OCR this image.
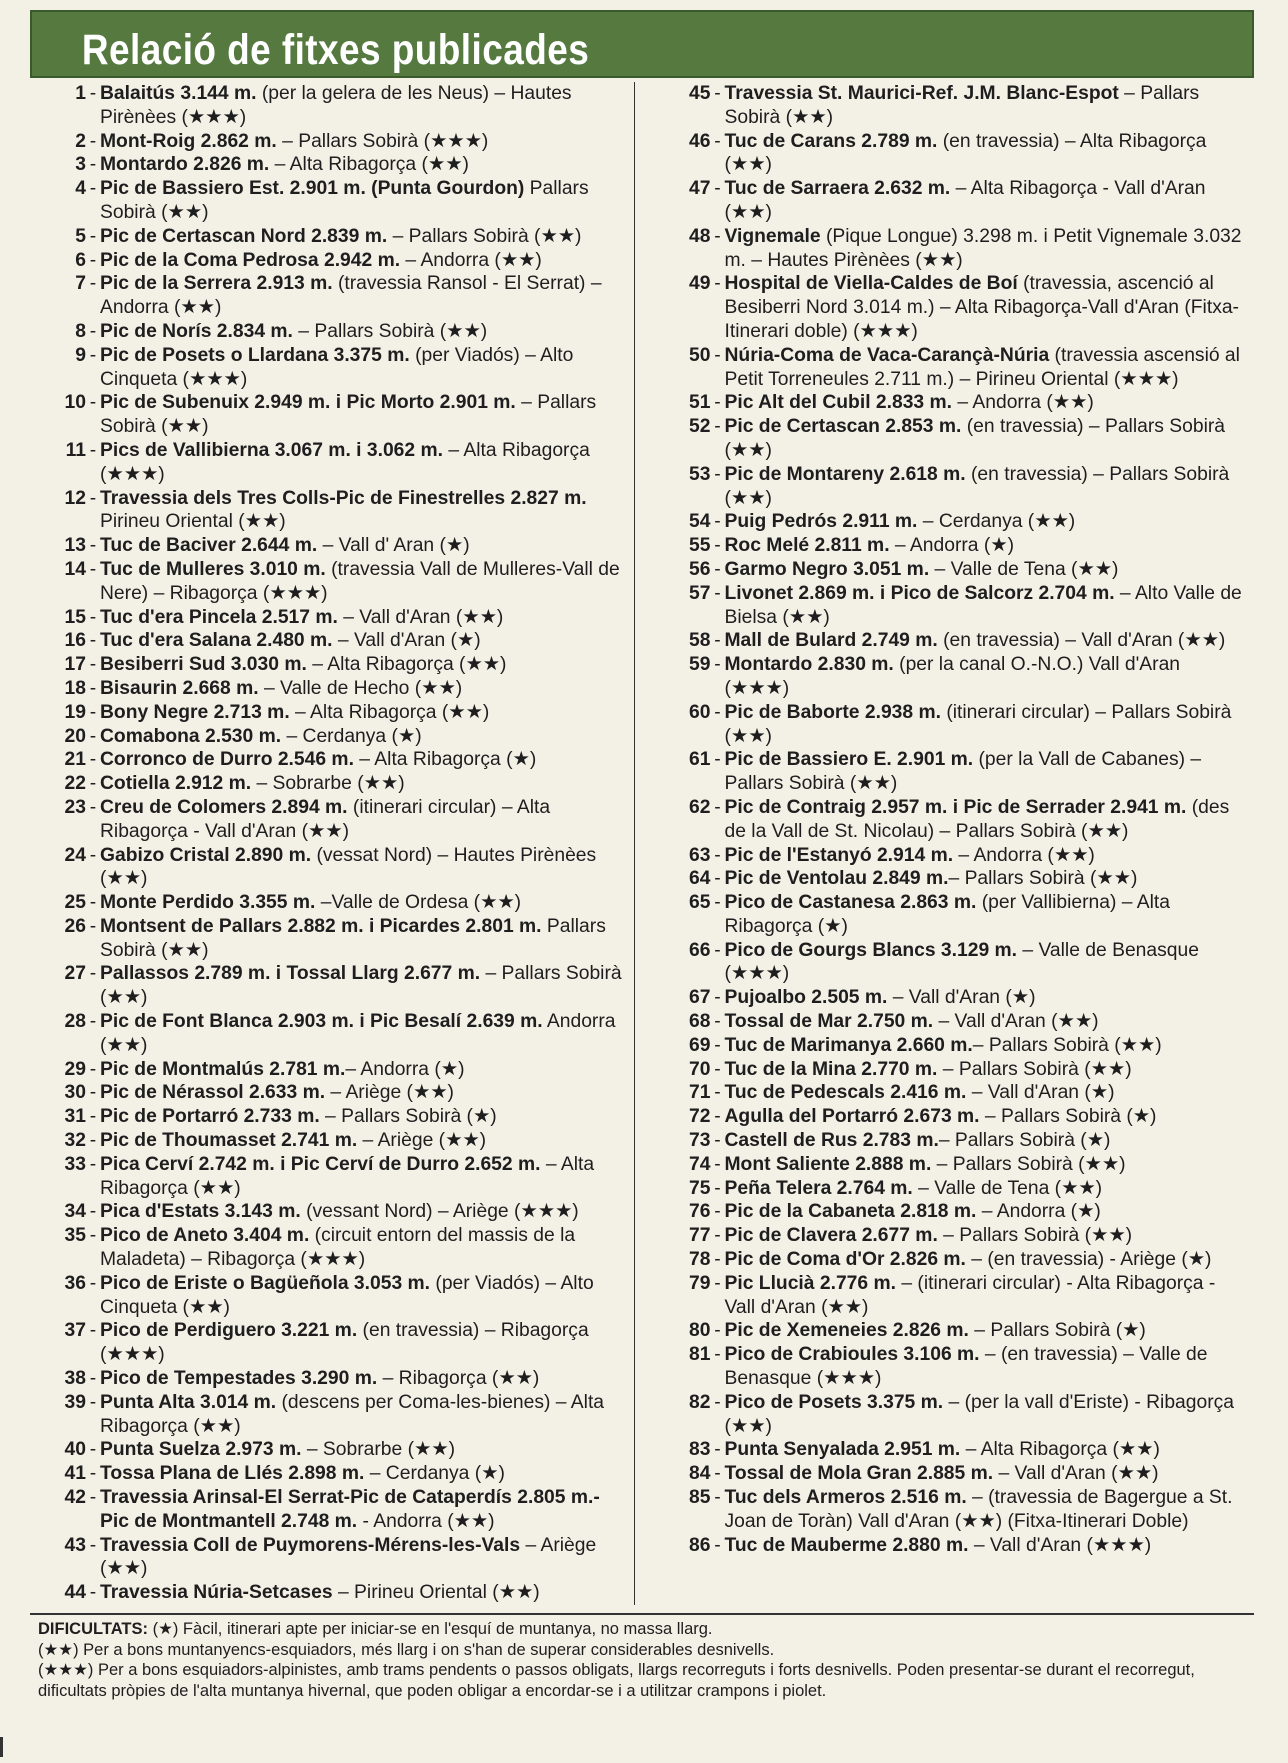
Relació de fitxes publicades
1 - Balaitús 3.144 m. (per la gelera de les Neus) – Hautes Pirènèes (★★★)
2 - Mont-Roig 2.862 m. – Pallars Sobirà (★★★)
3 - Montardo 2.826 m. – Alta Ribagorça (★★)
4 - Pic de Bassiero Est. 2.901 m. (Punta Gourdon) Pallars Sobirà (★★)
5 - Pic de Certascan Nord 2.839 m. – Pallars Sobirà (★★)
6 - Pic de la Coma Pedrosa 2.942 m. – Andorra (★★)
7 - Pic de la Serrera 2.913 m. (travessia Ransol - El Serrat) – Andorra (★★)
8 - Pic de Norís 2.834 m. – Pallars Sobirà (★★)
9 - Pic de Posets o Llardana 3.375 m. (per Viadós) – Alto Cinqueta (★★★)
10 - Pic de Subenuix 2.949 m. i Pic Morto 2.901 m. – Pallars Sobirà (★★)
11 - Pics de Vallibierna 3.067 m. i 3.062 m. – Alta Ribagorça (★★★)
12 - Travessia dels Tres Colls-Pic de Finestrelles 2.827 m. Pirineu Oriental (★★)
13 - Tuc de Baciver 2.644 m. – Vall d' Aran (★)
14 - Tuc de Mulleres 3.010 m. (travessia Vall de Mulleres-Vall de Nere) – Ribagorça (★★★)
15 - Tuc d'era Pincela 2.517 m. – Vall d'Aran (★★)
16 - Tuc d'era Salana 2.480 m. – Vall d'Aran (★)
17 - Besiberri Sud 3.030 m. – Alta Ribagorça (★★)
18 - Bisaurin 2.668 m. – Valle de Hecho (★★)
19 - Bony Negre 2.713 m. – Alta Ribagorça (★★)
20 - Comabona 2.530 m. – Cerdanya (★)
21 - Corronco de Durro 2.546 m. – Alta Ribagorça (★)
22 - Cotiella 2.912 m. – Sobrarbe (★★)
23 - Creu de Colomers 2.894 m. (itinerari circular) – Alta Ribagorça - Vall d'Aran (★★)
24 - Gabizo Cristal 2.890 m. (vessat Nord) – Hautes Pirènèes (★★)
25 - Monte Perdido 3.355 m. –Valle de Ordesa (★★)
26 - Montsent de Pallars 2.882 m. i Picardes 2.801 m. Pallars Sobirà (★★)
27 - Pallassos 2.789 m. i Tossal Llarg 2.677 m. – Pallars Sobirà (★★)
28 - Pic de Font Blanca 2.903 m. i Pic Besalí 2.639 m. Andorra (★★)
29 - Pic de Montmalús 2.781 m.– Andorra (★)
30 - Pic de Nérassol 2.633 m. – Ariège (★★)
31 - Pic de Portarró 2.733 m. – Pallars Sobirà (★)
32 - Pic de Thoumasset 2.741 m. – Ariège (★★)
33 - Pica Cerví 2.742 m. i Pic Cerví de Durro 2.652 m. – Alta Ribagorça (★★)
34 - Pica d'Estats 3.143 m. (vessant Nord) – Ariège (★★★)
35 - Pico de Aneto 3.404 m. (circuit entorn del massis de la Maladeta) – Ribagorça (★★★)
36 - Pico de Eriste o Bagüeñola 3.053 m. (per Viadós) – Alto Cinqueta (★★)
37 - Pico de Perdiguero 3.221 m. (en travessia) – Ribagorça (★★★)
38 - Pico de Tempestades 3.290 m. – Ribagorça (★★)
39 - Punta Alta 3.014 m. (descens per Coma-les-bienes) – Alta Ribagorça (★★)
40 - Punta Suelza 2.973 m. – Sobrarbe (★★)
41 - Tossa Plana de Llés 2.898 m. – Cerdanya (★)
42 - Travessia Arinsal-El Serrat-Pic de Cataperdís 2.805 m.-Pic de Montmantell 2.748 m. - Andorra (★★)
43 - Travessia Coll de Puymorens-Mérens-les-Vals – Ariège (★★)
44 - Travessia Núria-Setcases – Pirineu Oriental (★★)
45 - Travessia St. Maurici-Ref. J.M. Blanc-Espot – Pallars Sobirà (★★)
46 - Tuc de Carans 2.789 m. (en travessia) – Alta Ribagorça (★★)
47 - Tuc de Sarraera 2.632 m. – Alta Ribagorça - Vall d'Aran (★★)
48 - Vignemale (Pique Longue) 3.298 m. i Petit Vignemale 3.032 m. – Hautes Pirènèes (★★)
49 - Hospital de Viella-Caldes de Boí (travessia, ascenció al Besiberri Nord 3.014 m.) – Alta Ribagorça-Vall d'Aran (Fitxa-Itinerari doble) (★★★)
50 - Núria-Coma de Vaca-Carançà-Núria (travessia ascensió al Petit Torreneules 2.711 m.) – Pirineu Oriental (★★★)
51 - Pic Alt del Cubil 2.833 m. – Andorra (★★)
52 - Pic de Certascan 2.853 m. (en travessia) – Pallars Sobirà (★★)
53 - Pic de Montareny 2.618 m. (en travessia) – Pallars Sobirà (★★)
54 - Puig Pedrós 2.911 m. – Cerdanya (★★)
55 - Roc Melé 2.811 m. – Andorra (★)
56 - Garmo Negro 3.051 m. – Valle de Tena (★★)
57 - Livonet 2.869 m. i Pico de Salcorz 2.704 m. – Alto Valle de Bielsa (★★)
58 - Mall de Bulard 2.749 m. (en travessia) – Vall d'Aran (★★)
59 - Montardo 2.830 m. (per la canal O.-N.O.) Vall d'Aran (★★★)
60 - Pic de Baborte 2.938 m. (itinerari circular) – Pallars Sobirà (★★)
61 - Pic de Bassiero E. 2.901 m. (per la Vall de Cabanes) – Pallars Sobirà (★★)
62 - Pic de Contraig 2.957 m. i Pic de Serrader 2.941 m. (des de la Vall de St. Nicolau) – Pallars Sobirà (★★)
63 - Pic de l'Estanyó 2.914 m. – Andorra (★★)
64 - Pic de Ventolau 2.849 m.– Pallars Sobirà (★★)
65 - Pico de Castanesa 2.863 m. (per Vallibierna) – Alta Ribagorça (★)
66 - Pico de Gourgs Blancs 3.129 m. – Valle de Benasque (★★★)
67 - Pujoalbo 2.505 m. – Vall d'Aran (★)
68 - Tossal de Mar 2.750 m. – Vall d'Aran (★★)
69 - Tuc de Marimanya 2.660 m.– Pallars Sobirà (★★)
70 - Tuc de la Mina 2.770 m. – Pallars Sobirà (★★)
71 - Tuc de Pedescals 2.416 m. – Vall d'Aran (★)
72 - Agulla del Portarró 2.673 m. – Pallars Sobirà (★)
73 - Castell de Rus 2.783 m.– Pallars Sobirà (★)
74 - Mont Saliente 2.888 m. – Pallars Sobirà (★★)
75 - Peña Telera 2.764 m. – Valle de Tena (★★)
76 - Pic de la Cabaneta 2.818 m. – Andorra (★)
77 - Pic de Clavera 2.677 m. – Pallars Sobirà (★★)
78 - Pic de Coma d'Or 2.826 m. – (en travessia) - Ariège (★)
79 - Pic Llucià 2.776 m. – (itinerari circular) - Alta Ribagorça - Vall d'Aran (★★)
80 - Pic de Xemeneies 2.826 m. – Pallars Sobirà (★)
81 - Pico de Crabioules 3.106 m. – (en travessia) – Valle de Benasque (★★★)
82 - Pico de Posets 3.375 m. – (per la vall d'Eriste) - Ribagorça (★★)
83 - Punta Senyalada 2.951 m. – Alta Ribagorça (★★)
84 - Tossal de Mola Gran 2.885 m. – Vall d'Aran (★★)
85 - Tuc dels Armeros 2.516 m. – (travessia de Bagergue a St. Joan de Toràn) Vall d'Aran (★★) (Fitxa-Itinerari Doble)
86 - Tuc de Mauberme 2.880 m. – Vall d'Aran (★★★)
DIFICULTATS: (★) Fàcil, itinerari apte per iniciar-se en l'esquí de muntanya, no massa llarg.
(★★) Per a bons muntanyencs-esquiadors, més llarg i on s'han de superar considerables desnivells.
(★★★) Per a bons esquiadors-alpinistes, amb trams pendents o passos obligats, llargs recorreguts i forts desnivells. Poden presentar-se durant el recorregut, dificultats pròpies de l'alta muntanya hivernal, que poden obligar a encordar-se i a utilitzar crampons i piolet.
